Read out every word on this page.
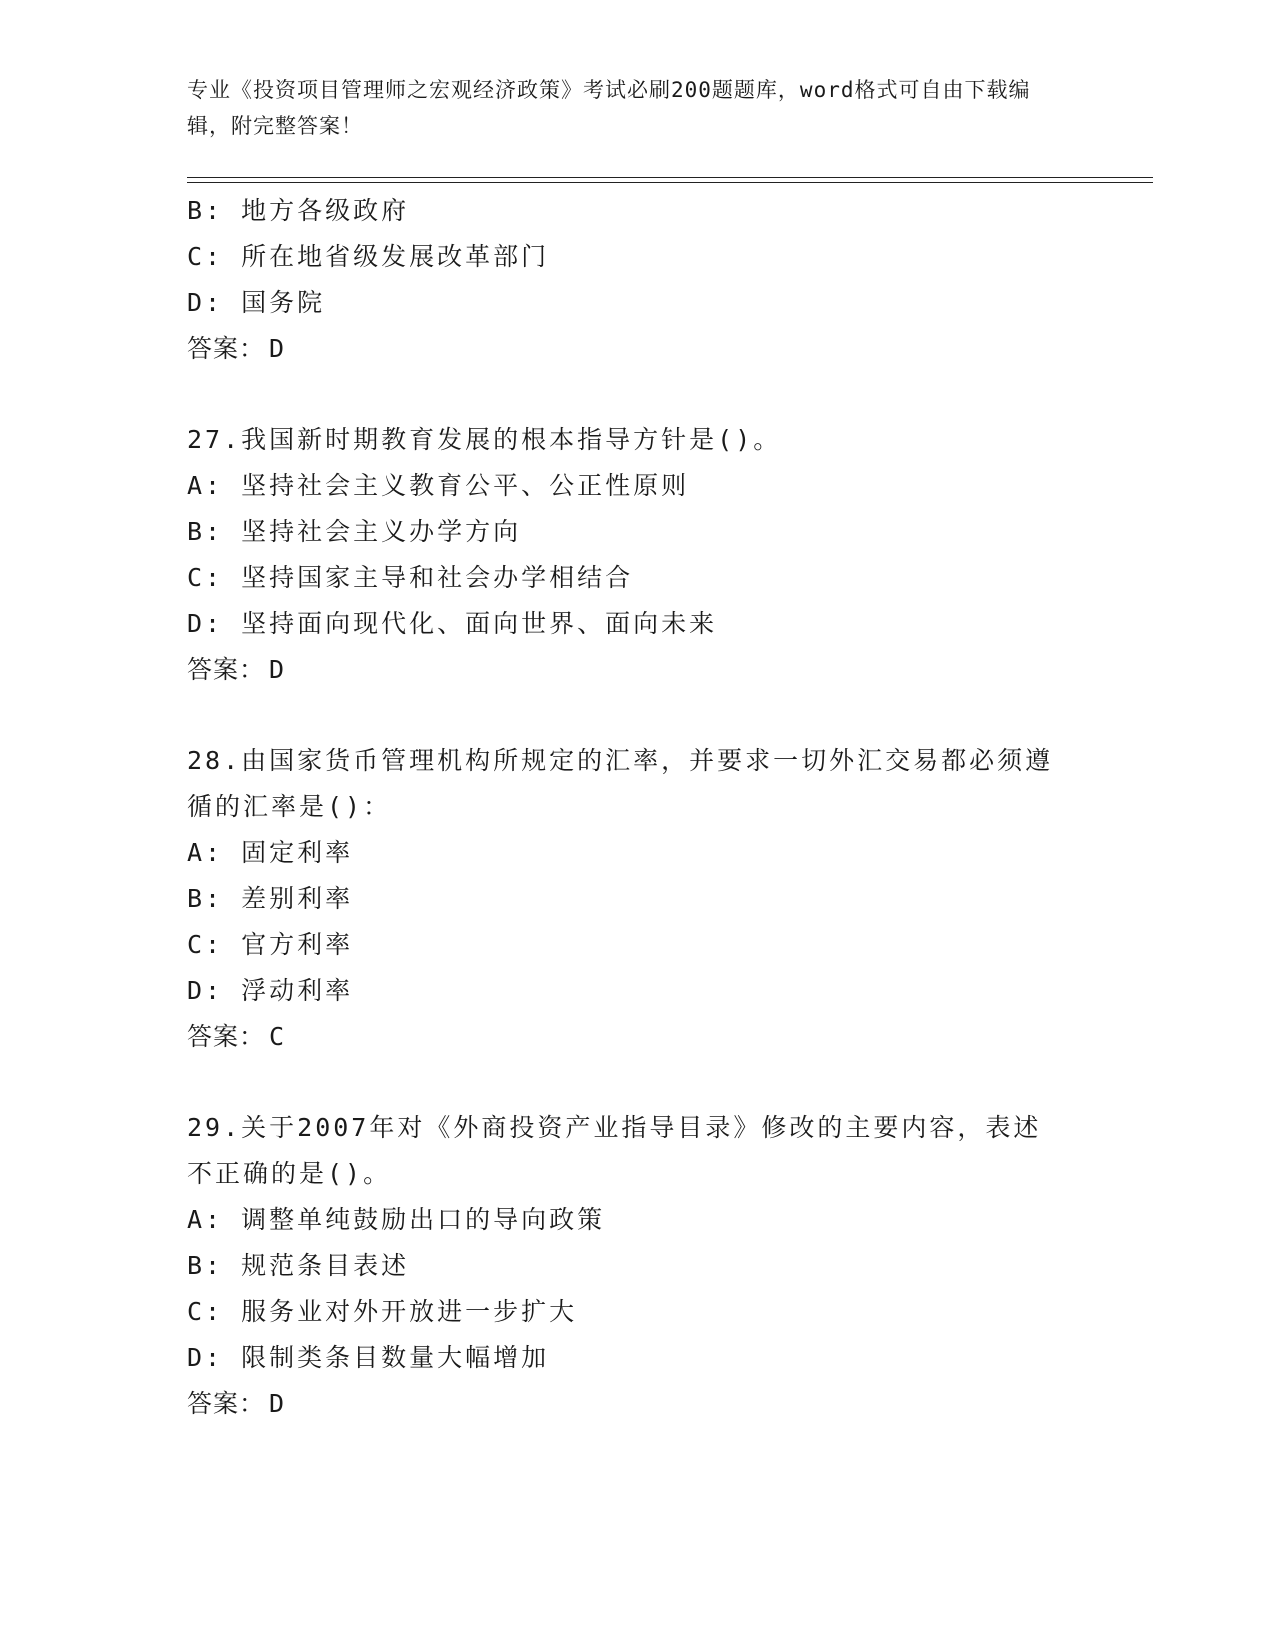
专业《投资项目管理师之宏观经济政策》考试必刷200题题库，word格式可自由下载编辑，附完整答案！
B: 地方各级政府
C: 所在地省级发展改革部门
D: 国务院
答案： D
27.我国新时期教育发展的根本指导方针是()。
A: 坚持社会主义教育公平、公正性原则
B: 坚持社会主义办学方向
C: 坚持国家主导和社会办学相结合
D: 坚持面向现代化、面向世界、面向未来
答案： D
28.由国家货币管理机构所规定的汇率，并要求一切外汇交易都必须遵循的汇率是()：
A: 固定利率
B: 差别利率
C: 官方利率
D: 浮动利率
答案： C
29.关于2007年对《外商投资产业指导目录》修改的主要内容，表述不正确的是()。
A: 调整单纯鼓励出口的导向政策
B: 规范条目表述
C: 服务业对外开放进一步扩大
D: 限制类条目数量大幅增加
答案： D
